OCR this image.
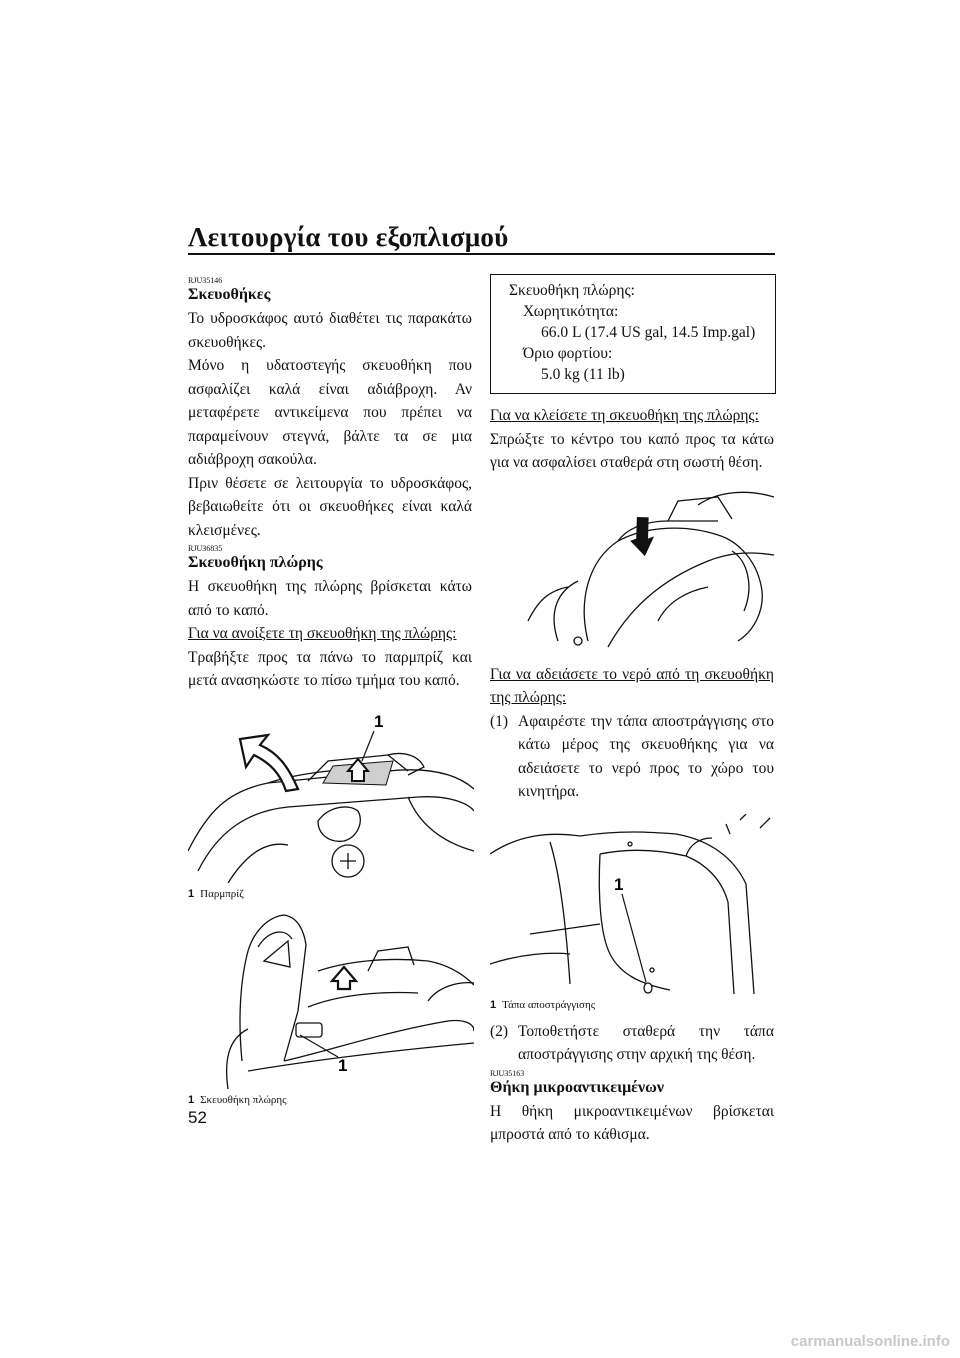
Λειτουργία του εξοπλισμού
RJU35146
Σκευοθήκες

Το υδροσκάφος αυτό διαθέτει τις παρακάτω σκευοθήκες.

Μόνο η υδατοστεγής σκευοθήκη που ασφαλίζει καλά είναι αδιάβροχη. Αν μεταφέρετε αντικείμενα που πρέπει να παραμείνουν στεγνά, βάλτε τα σε μια αδιάβροχη σακούλα.

Πριν θέσετε σε λειτουργία το υδροσκάφος, βεβαιωθείτε ότι οι σκευοθήκες είναι καλά κλεισμένες.

RJU36835
Σκευοθήκη πλώρης

Η σκευοθήκη της πλώρης βρίσκεται κάτω από το καπό.

Για να ανοίξετε τη σκευοθήκη της πλώρης:

Τραβήξτε προς τα πάνω το παρμπρίζ και μετά ανασηκώστε το πίσω τμήμα του καπό.

1
1 Παρμπρίζ
1
1 Σκευοθήκη πλώρης
Σκευοθήκη πλώρης:
Χωρητικότητα:
66.0 L (17.4 US gal, 14.5 Imp.gal)
Όριο φορτίου:
5.0 kg (11 lb)

Για να κλείσετε τη σκευοθήκη της πλώρης:

Σπρώξτε το κέντρο του καπό προς τα κάτω για να ασφαλίσει σταθερά στη σωστή θέση.

Για να αδειάσετε το νερό από τη σκευοθήκη της πλώρης:

(1) Αφαιρέστε την τάπα αποστράγγισης στο κάτω μέρος της σκευοθήκης για να αδειάσετε το νερό προς το χώρο του κινητήρα.
1
1 Τάπα αποστράγγισης
(2) Τοποθετήστε σταθερά την τάπα αποστράγγισης στην αρχική της θέση.
RJU35163
Θήκη μικροαντικειμένων

Η θήκη μικροαντικειμένων βρίσκεται μπροστά από το κάθισμα.

52
carmanualsonline.info
